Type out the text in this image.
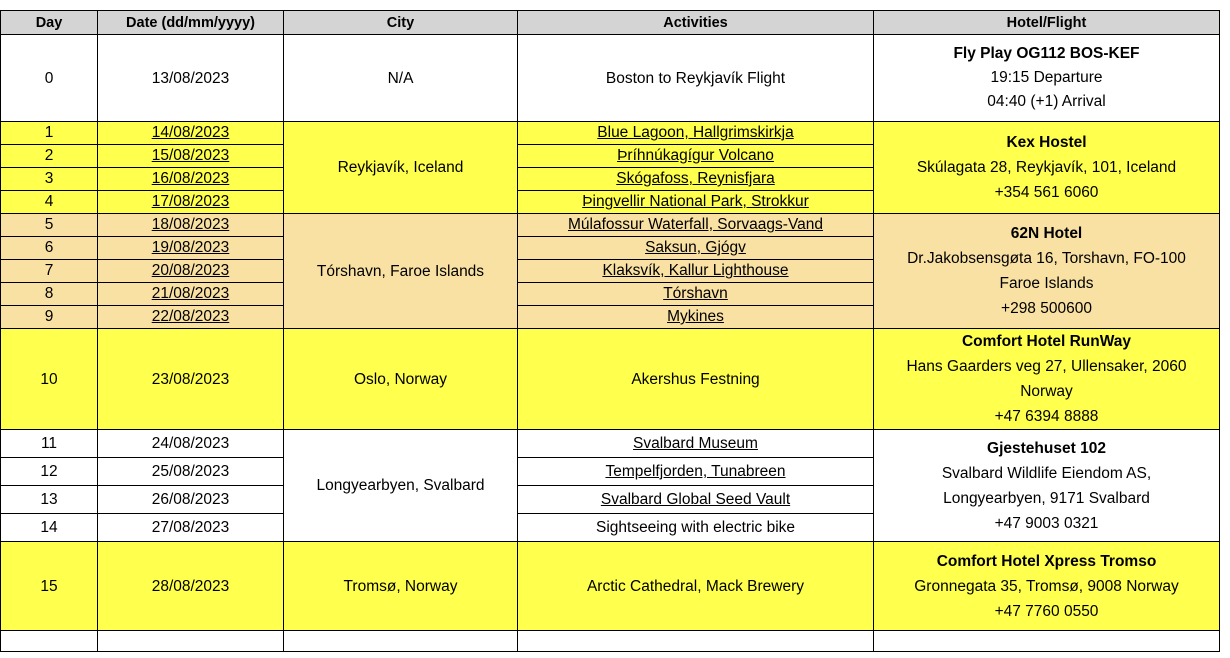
Day	Date (dd/mm/yyyy)	City	Activities	Hotel/Flight
0	13/08/2023	N/A	Boston to Reykjavík Flight	Fly Play OG112 BOS-KEF
19:15 Departure
04:40 (+1) Arrival

1	14/08/2023	Reykjavík, Iceland	Blue Lagoon, Hallgrimskirkja	Kex Hostel
Skúlagata 28, Reykjavík, 101, Iceland
+354 561 6060

2	15/08/2023		Þríhnúkagígur Volcano	
3	16/08/2023		Skógafoss, Reynisfjara	
4	17/08/2023		Þingvellir National Park, Strokkur	
5	18/08/2023	Tórshavn, Faroe Islands	Múlafossur Waterfall, Sorvaags-Vand	62N Hotel
Dr.Jakobsensgøta 16, Torshavn, FO-100
Faroe Islands
+298 500600

6	19/08/2023		Saksun, Gjógv	
7	20/08/2023		Klaksvík, Kallur Lighthouse	
8	21/08/2023		Tórshavn	
9	22/08/2023		Mykines	
10	23/08/2023	Oslo, Norway	Akershus Festning	Comfort Hotel RunWay
Hans Gaarders veg 27, Ullensaker, 2060
Norway
+47 6394 8888

11	24/08/2023	Longyearbyen, Svalbard	Svalbard Museum	Gjestehuset 102
Svalbard Wildlife Eiendom AS,
Longyearbyen, 9171 Svalbard
+47 9003 0321

12	25/08/2023		Tempelfjorden, Tunabreen	
13	26/08/2023		Svalbard Global Seed Vault	
14	27/08/2023		Sightseeing with electric bike	
15	28/08/2023	Tromsø, Norway	Arctic Cathedral, Mack Brewery	Comfort Hotel Xpress Tromso
Gronnegata 35, Tromsø, 9008 Norway
+47 7760 0550
